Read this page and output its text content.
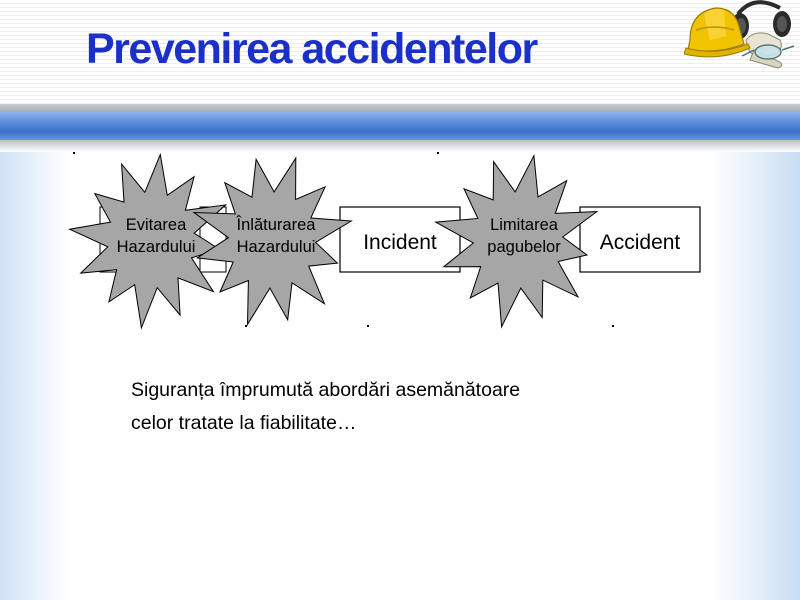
Prevenirea accidentelor
Incident	Accident
Evitarea
Hazardului
Înlăturarea
Hazardului
Limitarea
pagubelor

Siguranța împrumută abordări asemănătoare
celor tratate la fiabilitate…
